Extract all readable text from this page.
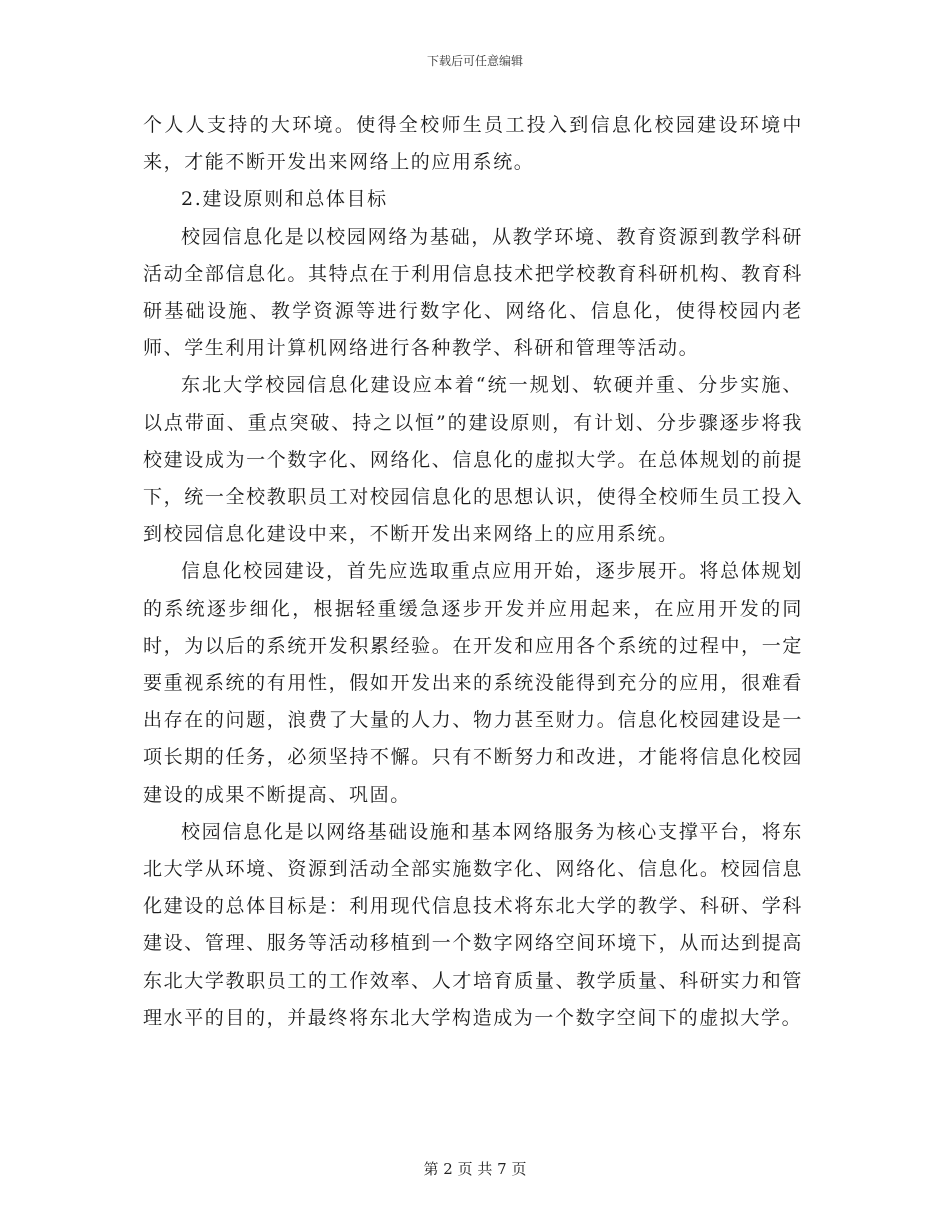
下载后可任意编辑

个人人支持的大环境。使得全校师生员工投入到信息化校园建设环境中来，才能不断开发出来网络上的应用系统。

2.建设原则和总体目标

校园信息化是以校园网络为基础，从教学环境、教育资源到教学科研活动全部信息化。其特点在于利用信息技术把学校教育科研机构、教育科研基础设施、教学资源等进行数字化、网络化、信息化，使得校园内老师、学生利用计算机网络进行各种教学、科研和管理等活动。

东北大学校园信息化建设应本着“统一规划、软硬并重、分步实施、以点带面、重点突破、持之以恒”的建设原则，有计划、分步骤逐步将我校建设成为一个数字化、网络化、信息化的虚拟大学。在总体规划的前提下，统一全校教职员工对校园信息化的思想认识，使得全校师生员工投入到校园信息化建设中来，不断开发出来网络上的应用系统。

信息化校园建设，首先应选取重点应用开始，逐步展开。将总体规划的系统逐步细化，根据轻重缓急逐步开发并应用起来，在应用开发的同时，为以后的系统开发积累经验。在开发和应用各个系统的过程中，一定要重视系统的有用性，假如开发出来的系统没能得到充分的应用，很难看出存在的问题，浪费了大量的人力、物力甚至财力。信息化校园建设是一项长期的任务，必须坚持不懈。只有不断努力和改进，才能将信息化校园建设的成果不断提高、巩固。

校园信息化是以网络基础设施和基本网络服务为核心支撑平台，将东北大学从环境、资源到活动全部实施数字化、网络化、信息化。校园信息化建设的总体目标是：利用现代信息技术将东北大学的教学、科研、学科建设、管理、服务等活动移植到一个数字网络空间环境下，从而达到提高东北大学教职员工的工作效率、人才培育质量、教学质量、科研实力和管理水平的目的，并最终将东北大学构造成为一个数字空间下的虚拟大学。

第 2 页 共 7 页
